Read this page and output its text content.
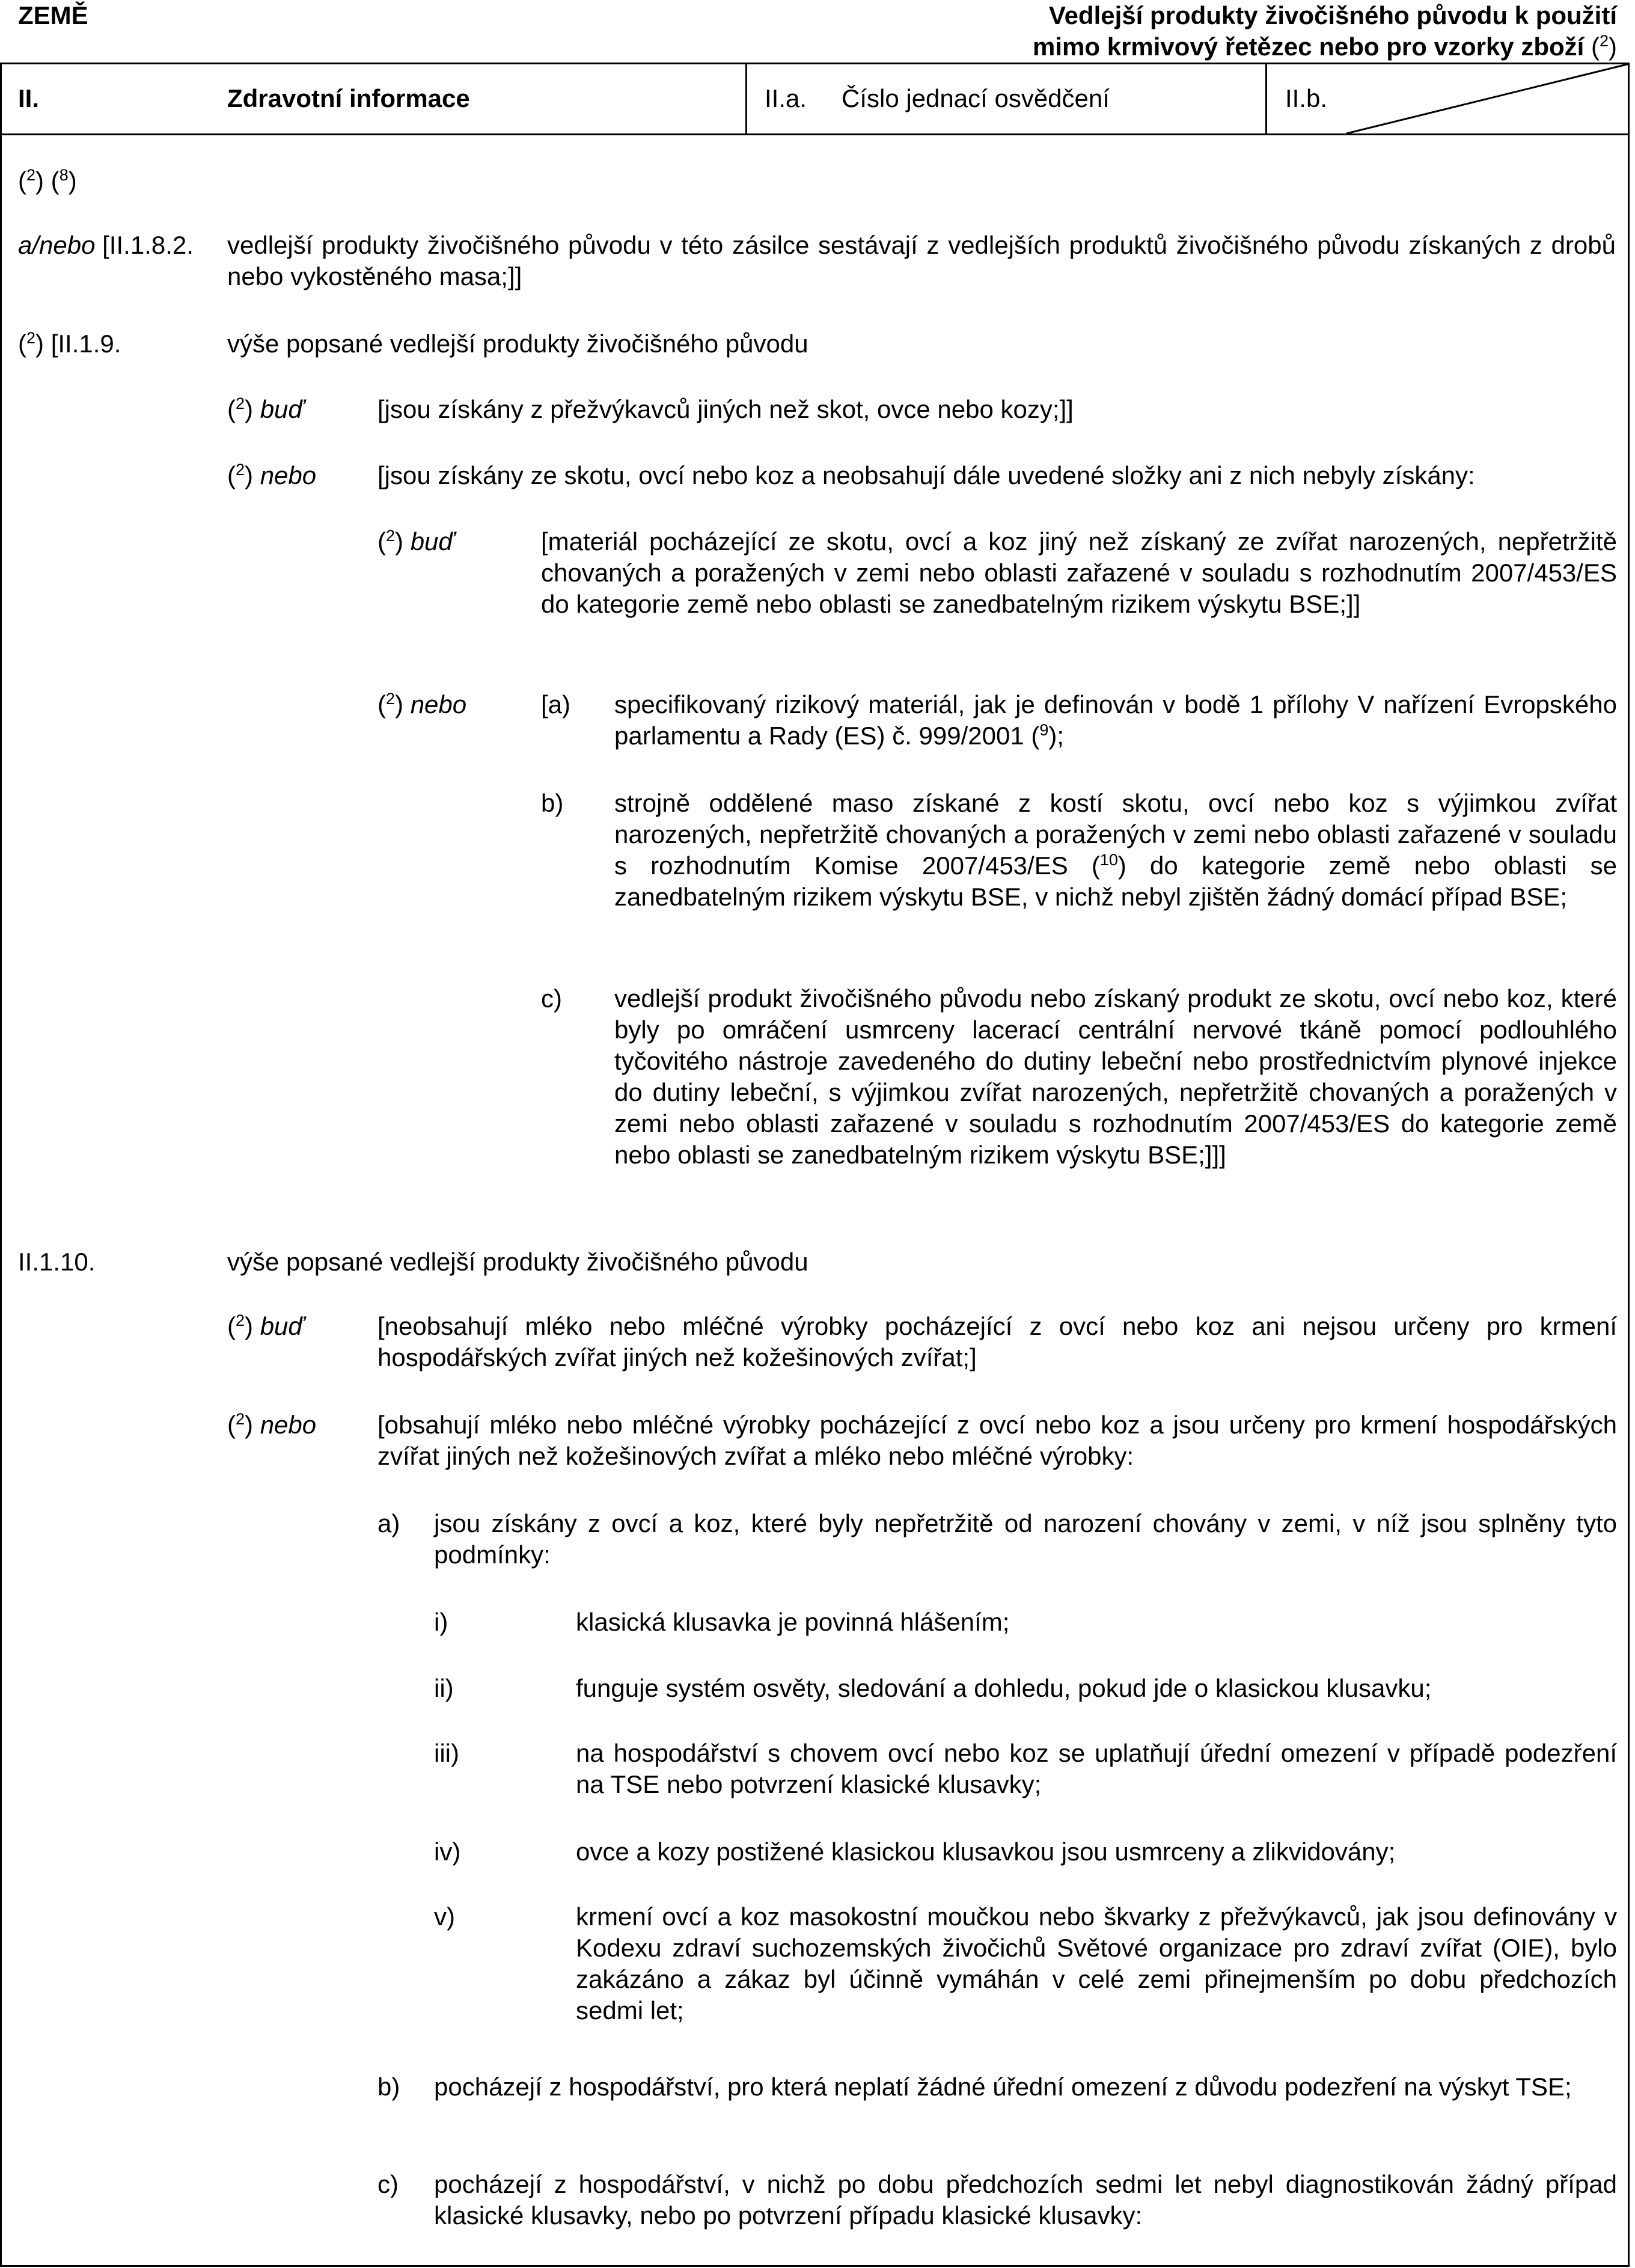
ZEMĚ	Vedlejší produkty živočišného původu k použití
mimo krmivový řetězec nebo pro vzorky zboží ($^2$)
II.	Zdravotní informace	II.a. Číslo jednací osvědčení	II.b.
($^2$) ($^8$)
a/nebo [II.1.8.2. vedlejší produkty živočišného původu v této zásilce sestávají z vedlejších produktů živočišného původu získaných z drobů nebo vykostěného masa;]]
($^2$) [II.1.9.	výše popsané vedlejší produkty živočišného původu
($^2$) buď	[jsou získány z přežvýkavců jiných než skot, ovce nebo kozy;]]
($^2$) nebo [jsou získány ze skotu, ovcí nebo koz a neobsahují dále uvedené složky ani z nich nebyly získány:
($^2$) buď	[materiál pocházející ze skotu, ovcí a koz jiný než získaný ze zvířat narozených, nepřetržitě chovaných a poražených v zemi nebo oblasti zařazené v souladu s rozhodnutím 2007/453/ES do kategorie země nebo oblasti se zanedbatelným rizikem výskytu BSE;]]
($^2$) nebo	[a) specifikovaný rizikový materiál, jak je definován v bodě 1 přílohy V nařízení Evropského parlamentu a Rady (ES) č. 999/2001 ($^9$);
b) strojně oddělené maso získané z kostí skotu, ovcí nebo koz s výjimkou zvířat narozených, nepřetržitě chovaných a poražených v zemi nebo oblasti zařazené v souladu s rozhodnutím Komise 2007/453/ES ($^{10}$) do kategorie země nebo oblasti se zanedbatelným rizikem výskytu BSE, v nichž nebyl zjištěn žádný domácí případ BSE;
c) vedlejší produkt živočišného původu nebo získaný produkt ze skotu, ovcí nebo koz, které byly po omráčení usmrceny lacerací centrální nervové tkáně pomocí podlouhlého tyčovitého nástroje zavedeného do dutiny lebeční nebo prostřednictvím plynové injekce do dutiny lebeční, s výjimkou zvířat narozených, nepřetržitě chovaných a poražených v zemi nebo oblasti zařazené v souladu s rozhodnutím 2007/453/ES do kategorie země nebo oblasti se zanedbatelným rizikem výskytu BSE;]]]
II.1.10.	výše popsané vedlejší produkty živočišného původu
($^2$) buď	[neobsahují mléko nebo mléčné výrobky pocházející z ovcí nebo koz ani nejsou určeny pro krmení hospodářských zvířat jiných než kožešinových zvířat;]
($^2$) nebo [obsahují mléko nebo mléčné výrobky pocházející z ovcí nebo koz a jsou určeny pro krmení hospodářských zvířat jiných než kožešinových zvířat a mléko nebo mléčné výrobky:
a) jsou získány z ovcí a koz, které byly nepřetržitě od narození chovány v zemi, v níž jsou splněny tyto podmínky:
i)	klasická klusavka je povinná hlášením;
ii)	funguje systém osvěty, sledování a dohledu, pokud jde o klasickou klusavku;
iii)	na hospodářství s chovem ovcí nebo koz se uplatňují úřední omezení v případě podezření na TSE nebo potvrzení klasické klusavky;
iv)	ovce a kozy postižené klasickou klusavkou jsou usmrceny a zlikvidovány;
v)	krmení ovcí a koz masokostní moučkou nebo škvarky z přežvýkavců, jak jsou definovány v Kodexu zdraví suchozemských živočichů Světové organizace pro zdraví zvířat (OIE), bylo zakázáno a zákaz byl účinně vymáhán v celé zemi přinejmenším po dobu předchozích sedmi let;
b) pocházejí z hospodářství, pro která neplatí žádné úřední omezení z důvodu podezření na výskyt TSE;
c) pocházejí z hospodářství, v nichž po dobu předchozích sedmi let nebyl diagnostikován žádný případ klasické klusavky, nebo po potvrzení případu klasické klusavky:
